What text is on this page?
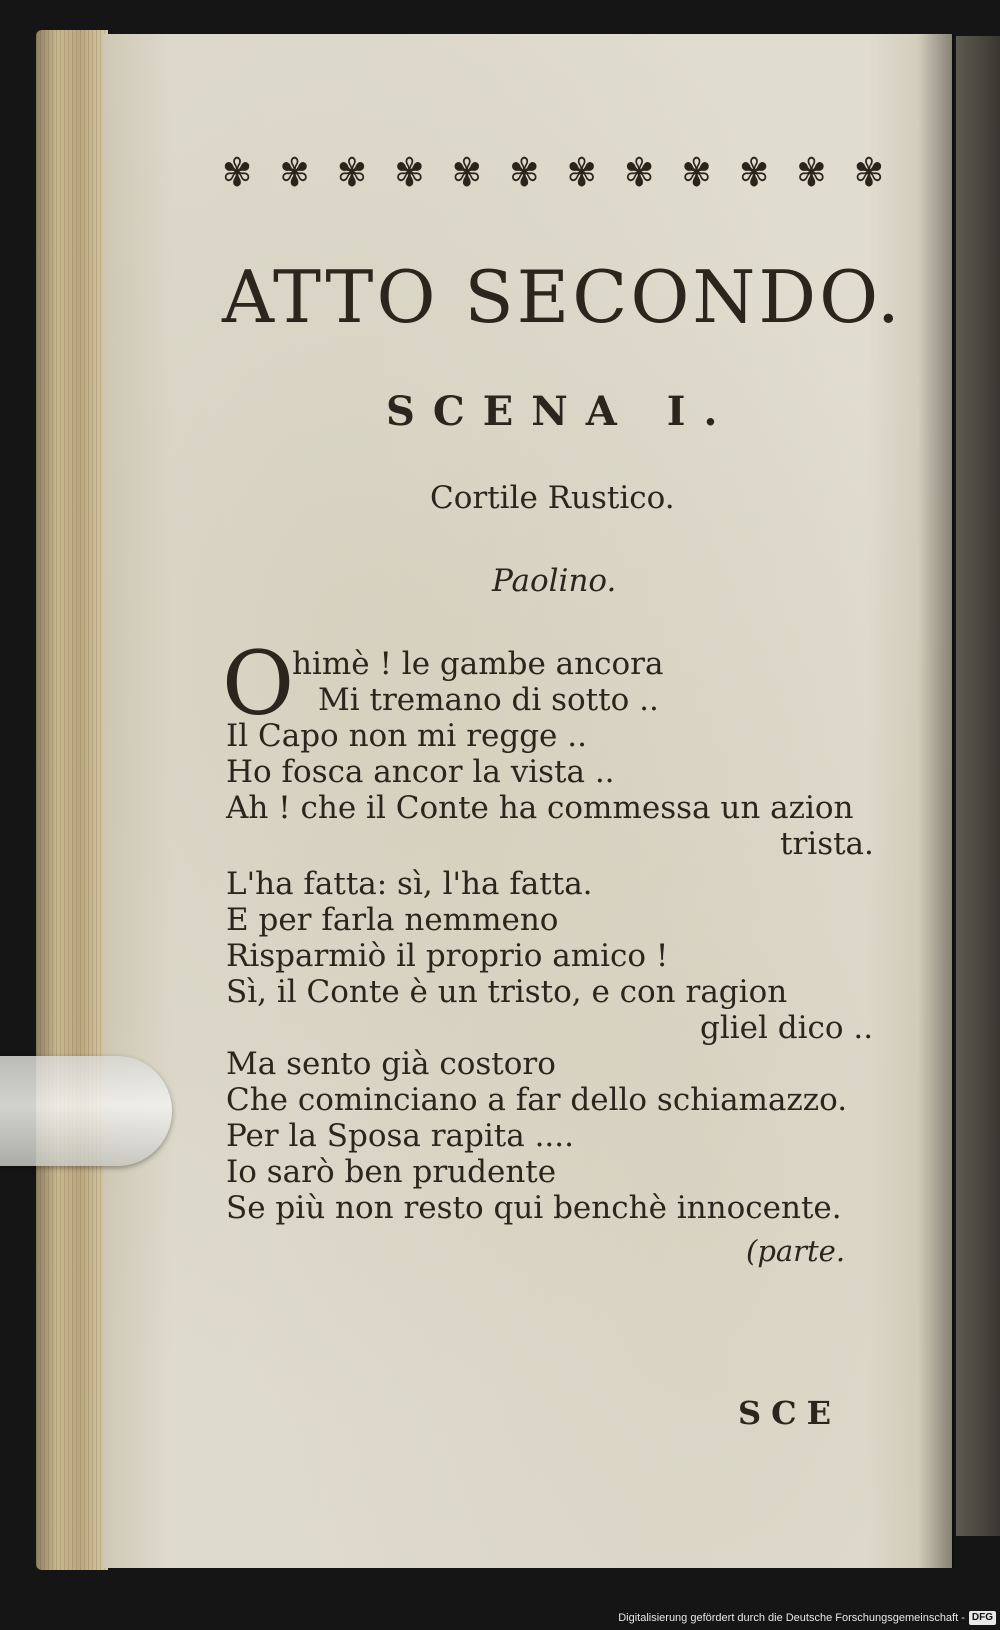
✾ ✾ ✾ ✾ ✾ ✾ ✾ ✾ ✾ ✾ ✾ ✾
ATTO SECONDO.
SCENA I.
Cortile Rustico.
Paolino.
O
himè ! le gambe ancora
Mi tremano di sotto ..
Il Capo non mi regge ..
Ho fosca ancor la vista ..
Ah ! che il Conte ha commessa un azion
trista.
L'ha fatta: sì, l'ha fatta.
E per farla nemmeno
Risparmiò il proprio amico !
Sì, il Conte è un tristo, e con ragion
gliel dico ..
Ma sento già costoro
Che cominciano a far dello schiamazzo.
Per la Sposa rapita ....
Io sarò ben prudente
Se più non resto qui benchè innocente.
(parte.
SCE
Digitalisierung gefördert durch die Deutsche Forschungsgemeinschaft - DFG
